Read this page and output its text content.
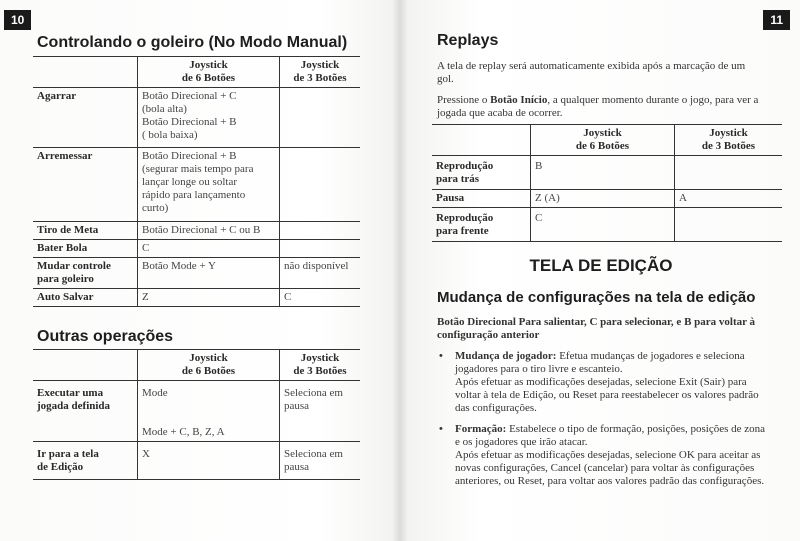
10
Controlando o goleiro (No Modo Manual)
	Joystick
de 6 Botões	Joystick
de 3 Botões
Agarrar	Botão Direcional + C
(bola alta)
Botão Direcional + B
( bola baixa)	
Arremessar	Botão Direcional + B
(segurar mais tempo para
lançar longe ou soltar
rápido para lançamento
curto)	
Tiro de Meta	Botão Direcional + C ou B	
Bater Bola	C	
Mudar controle
para goleiro	Botão Mode + Y	não disponível
Auto Salvar	Z	C
Outras operações
	Joystick
de 6 Botões	Joystick
de 3 Botões
Executar uma
jogada definida	Mode

Mode + C, B, Z, A	Seleciona em
pausa
Ir para a tela
de Edição	X	Seleciona em
pausa
11
Replays

A tela de replay será automaticamente exibida após a marcação de um gol.

Pressione o Botão Início, a qualquer momento durante o jogo, para ver a jogada que acaba de ocorrer.

	Joystick
de 6 Botões	Joystick
de 3 Botões
Reprodução
para trás	B	
Pausa	Z (A)	A
Reprodução
para frente	C	
TELA DE EDIÇÃO
Mudança de configurações na tela de edição

Botão Direcional Para salientar, C para selecionar, e B para voltar à configuração anterior

• Mudança de jogador: Efetua mudanças de jogadores e seleciona jogadores para o tiro livre e escanteio.
Após efetuar as modificações desejadas, selecione Exit (Sair) para voltar à tela de Edição, ou Reset para reestabelecer os valores padrão das configurações.
• Formação: Estabelece o tipo de formação, posições, posições de zona e os jogadores que irão atacar.
Após efetuar as modificações desejadas, selecione OK para aceitar as novas configurações, Cancel (cancelar) para voltar às configurações anteriores, ou Reset, para voltar aos valores padrão das configurações.
